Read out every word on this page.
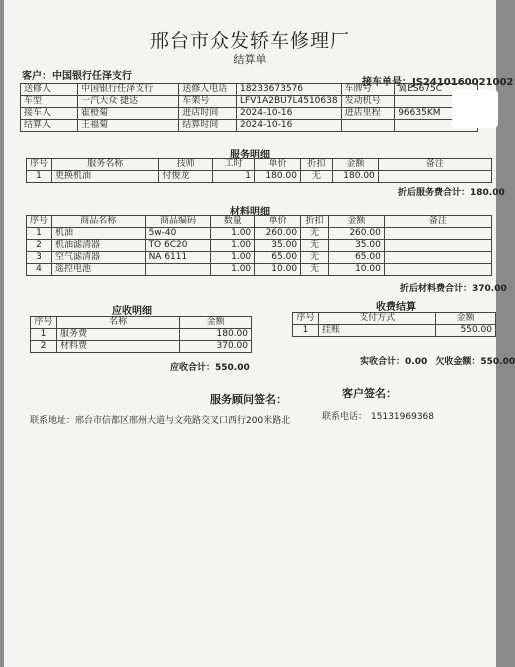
邢台市众发轿车修理厂
结算单
客户：中国银行任泽支行
接车单号：JS2410160021002
送修人	中国银行任泽支行	送修人电话	18233673576	车牌号	冀ES675C
车型	一汽大众 捷达	车架号	LFV1A2BU7L4510638	发动机号	
接车人	霍橙菊	进店时间	2024-10-16	进店里程	96635KM
结算人	王福菊	结算时间	2024-10-16		
服务明细
序号	服务名称	技师	工时	单价	折扣	金额	备注
1	更换机油	付俊龙	1	180.00	无	180.00	
折后服务费合计：180.00
材料明细
序号	商品名称	商品编码	数量	单价	折扣	金额	备注
1	机油	5w-40	1.00	260.00	无	260.00	
2	机油滤清器	TO 6C20	1.00	35.00	无	35.00	
3	空气滤清器	NA 6111	1.00	65.00	无	65.00	
4	遥控电池		1.00	10.00	无	10.00	
折后材料费合计：370.00
应收明细
序号	名称	金额
1	服务费	180.00
2	材料费	370.00
应收合计：550.00
收费结算
序号	支付方式	金额
1	挂账	550.00
实收合计：0.00 欠收金额：550.00
服务顾问签名：	客户签名：
联系地址：邢台市信都区邢州大道与文苑路交叉口西行200米路北	联系电话： 15131969368
